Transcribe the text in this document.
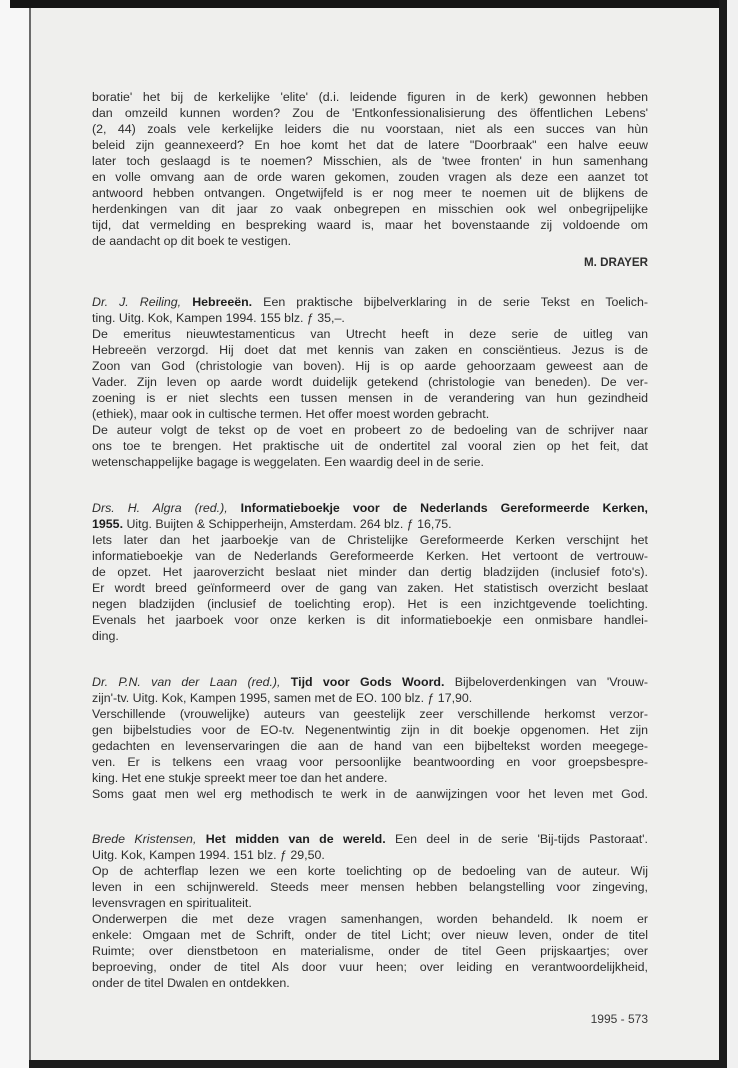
boratie' het bij de kerkelijke 'elite' (d.i. leidende figuren in de kerk) gewonnen hebben
dan omzeild kunnen worden? Zou de 'Entkonfessionalisierung des öffentlichen Lebens'
(2, 44) zoals vele kerkelijke leiders die nu voorstaan, niet als een succes van hùn
beleid zijn geannexeerd? En hoe komt het dat de latere "Doorbraak" een halve eeuw
later toch geslaagd is te noemen? Misschien, als de 'twee fronten' in hun samenhang
en volle omvang aan de orde waren gekomen, zouden vragen als deze een aanzet tot
antwoord hebben ontvangen. Ongetwijfeld is er nog meer te noemen uit de blijkens de
herdenkingen van dit jaar zo vaak onbegrepen en misschien ook wel onbegrijpelijke
tijd, dat vermelding en bespreking waard is, maar het bovenstaande zij voldoende om
de aandacht op dit boek te vestigen.
M. DRAYER
Dr. J. Reiling, Hebreeën. Een praktische bijbelverklaring in de serie Tekst en Toelich-
ting. Uitg. Kok, Kampen 1994. 155 blz. ƒ 35,–.
De emeritus nieuwtestamenticus van Utrecht heeft in deze serie de uitleg van
Hebreeën verzorgd. Hij doet dat met kennis van zaken en consciëntieus. Jezus is de
Zoon van God (christologie van boven). Hij is op aarde gehoorzaam geweest aan de
Vader. Zijn leven op aarde wordt duidelijk getekend (christologie van beneden). De ver-
zoening is er niet slechts een tussen mensen in de verandering van hun gezindheid
(ethiek), maar ook in cultische termen. Het offer moest worden gebracht.
De auteur volgt de tekst op de voet en probeert zo de bedoeling van de schrijver naar
ons toe te brengen. Het praktische uit de ondertitel zal vooral zien op het feit, dat
wetenschappelijke bagage is weggelaten. Een waardig deel in de serie.
Drs. H. Algra (red.), Informatieboekje voor de Nederlands Gereformeerde Kerken,
1955. Uitg. Buijten & Schipperheijn, Amsterdam. 264 blz. ƒ 16,75.
Iets later dan het jaarboekje van de Christelijke Gereformeerde Kerken verschijnt het
informatieboekje van de Nederlands Gereformeerde Kerken. Het vertoont de vertrouw-
de opzet. Het jaaroverzicht beslaat niet minder dan dertig bladzijden (inclusief foto's).
Er wordt breed geïnformeerd over de gang van zaken. Het statistisch overzicht beslaat
negen bladzijden (inclusief de toelichting erop). Het is een inzichtgevende toelichting.
Evenals het jaarboek voor onze kerken is dit informatieboekje een onmisbare handlei-
ding.
Dr. P.N. van der Laan (red.), Tijd voor Gods Woord. Bijbeloverdenkingen van 'Vrouw-
zijn'-tv. Uitg. Kok, Kampen 1995, samen met de EO. 100 blz. ƒ 17,90.
Verschillende (vrouwelijke) auteurs van geestelijk zeer verschillende herkomst verzor-
gen bijbelstudies voor de EO-tv. Negenentwintig zijn in dit boekje opgenomen. Het zijn
gedachten en levenservaringen die aan de hand van een bijbeltekst worden meegege-
ven. Er is telkens een vraag voor persoonlijke beantwoording en voor groepsbespre-
king. Het ene stukje spreekt meer toe dan het andere.
Soms gaat men wel erg methodisch te werk in de aanwijzingen voor het leven met God.
Brede Kristensen, Het midden van de wereld. Een deel in de serie 'Bij-tijds Pastoraat'.
Uitg. Kok, Kampen 1994. 151 blz. ƒ 29,50.
Op de achterflap lezen we een korte toelichting op de bedoeling van de auteur. Wij
leven in een schijnwereld. Steeds meer mensen hebben belangstelling voor zingeving,
levensvragen en spiritualiteit.
Onderwerpen die met deze vragen samenhangen, worden behandeld. Ik noem er
enkele: Omgaan met de Schrift, onder de titel Licht; over nieuw leven, onder de titel
Ruimte; over dienstbetoon en materialisme, onder de titel Geen prijskaartjes; over
beproeving, onder de titel Als door vuur heen; over leiding en verantwoordelijkheid,
onder de titel Dwalen en ontdekken.
1995 - 573
